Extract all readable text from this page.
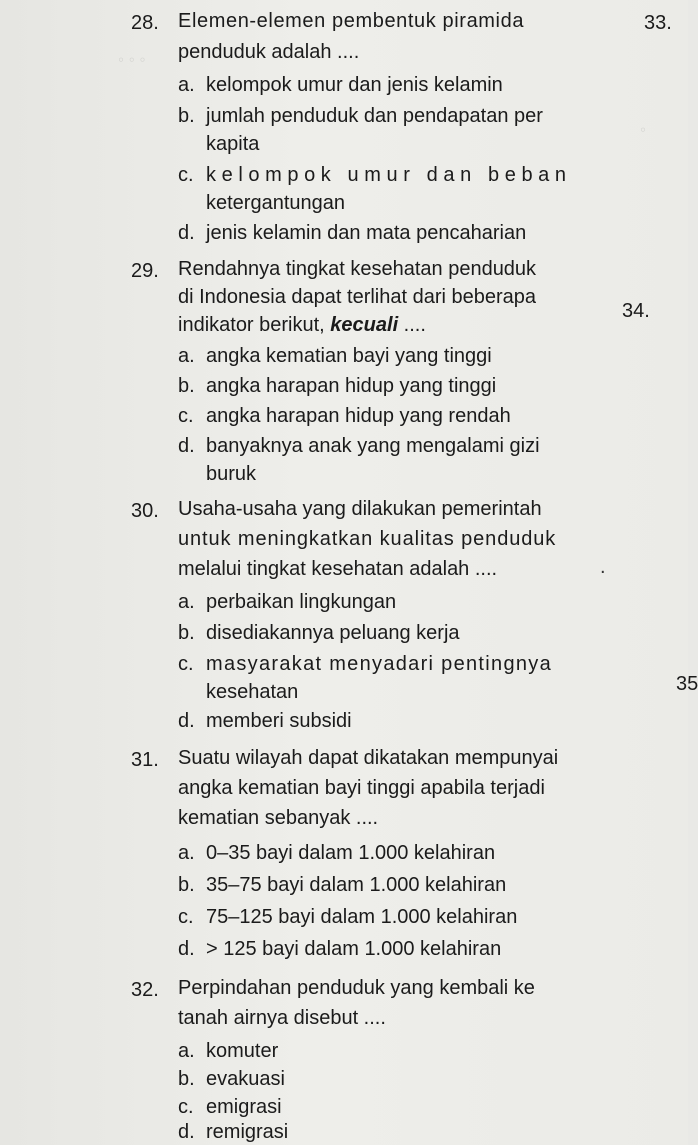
◦ ◦ ◦
◦
33.
34.
35
28. Elemen-elemen pembentuk piramida
penduduk adalah ....
a. kelompok umur dan jenis kelamin
b. jumlah penduduk dan pendapatan per
kapita
c. kelompok umur dan beban
ketergantungan
d. jenis kelamin dan mata pencaharian
29. Rendahnya tingkat kesehatan penduduk
di Indonesia dapat terlihat dari beberapa
indikator berikut, kecuali ....
a. angka kematian bayi yang tinggi
b. angka harapan hidup yang tinggi
c. angka harapan hidup yang rendah
d. banyaknya anak yang mengalami gizi
buruk
30. Usaha-usaha yang dilakukan pemerintah
untuk meningkatkan kualitas penduduk
melalui tingkat kesehatan adalah ....	.
a. perbaikan lingkungan
b. disediakannya peluang kerja
c. masyarakat menyadari pentingnya
kesehatan
d. memberi subsidi
31. Suatu wilayah dapat dikatakan mempunyai
angka kematian bayi tinggi apabila terjadi
kematian sebanyak ....
a. 0–35 bayi dalam 1.000 kelahiran
b. 35–75 bayi dalam 1.000 kelahiran
c. 75–125 bayi dalam 1.000 kelahiran
d. > 125 bayi dalam 1.000 kelahiran
32. Perpindahan penduduk yang kembali ke
tanah airnya disebut ....
a. komuter
b. evakuasi
c. emigrasi
d. remigrasi
